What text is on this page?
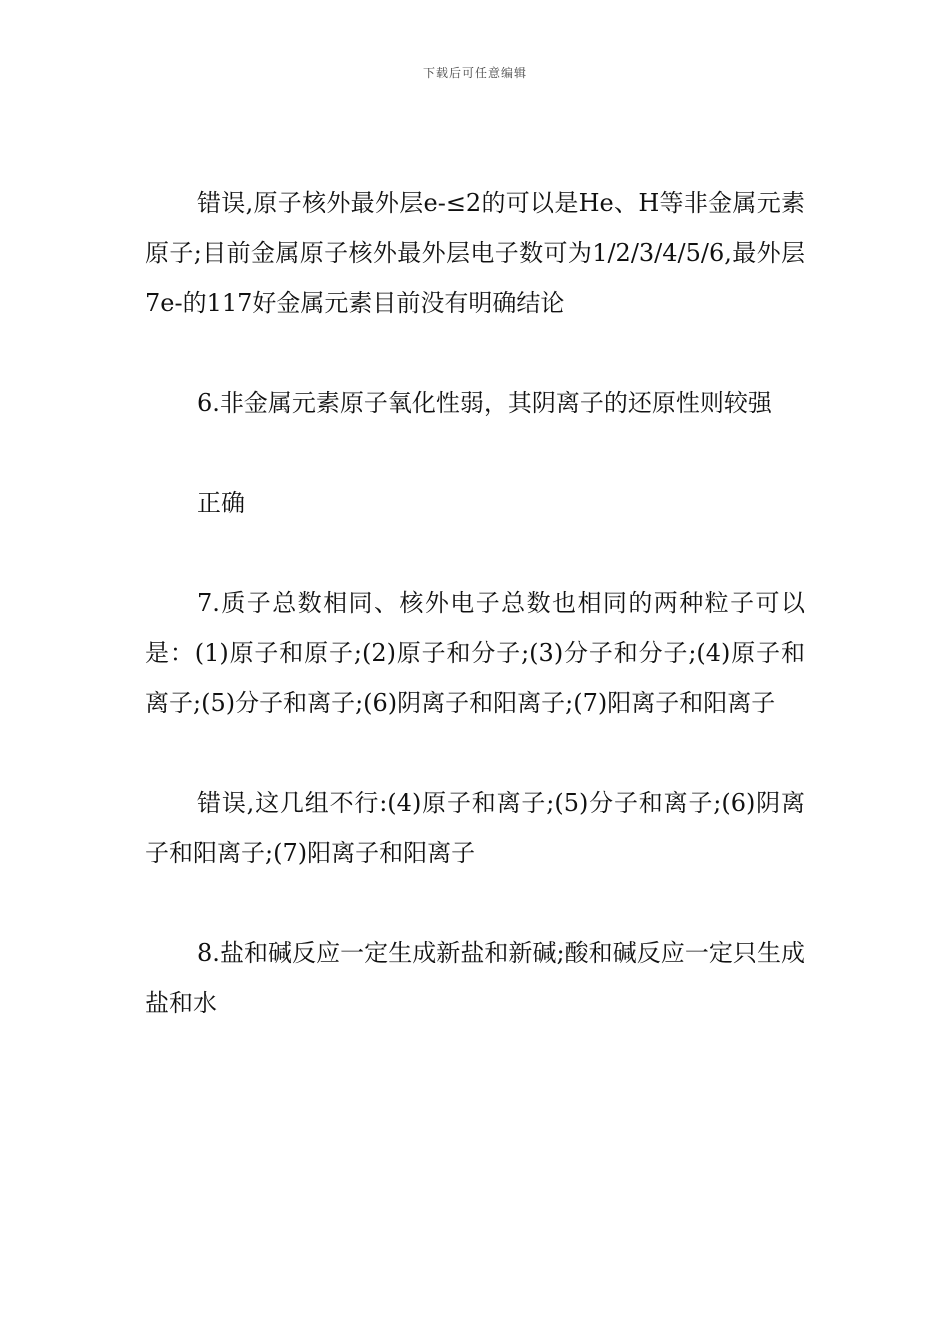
下载后可任意编辑

错误,原子核外最外层e-≤2的可以是He、H等非金属元素原子;目前金属原子核外最外层电子数可为1/2/3/4/5/6,最外层7e-的117好金属元素目前没有明确结论

6.非金属元素原子氧化性弱，其阴离子的还原性则较强

正确

7.质子总数相同、核外电子总数也相同的两种粒子可以是：(1)原子和原子;(2)原子和分子;(3)分子和分子;(4)原子和离子;(5)分子和离子;(6)阴离子和阳离子;(7)阳离子和阳离子

错误,这几组不行:(4)原子和离子;(5)分子和离子;(6)阴离子和阳离子;(7)阳离子和阳离子

8.盐和碱反应一定生成新盐和新碱;酸和碱反应一定只生成盐和水
